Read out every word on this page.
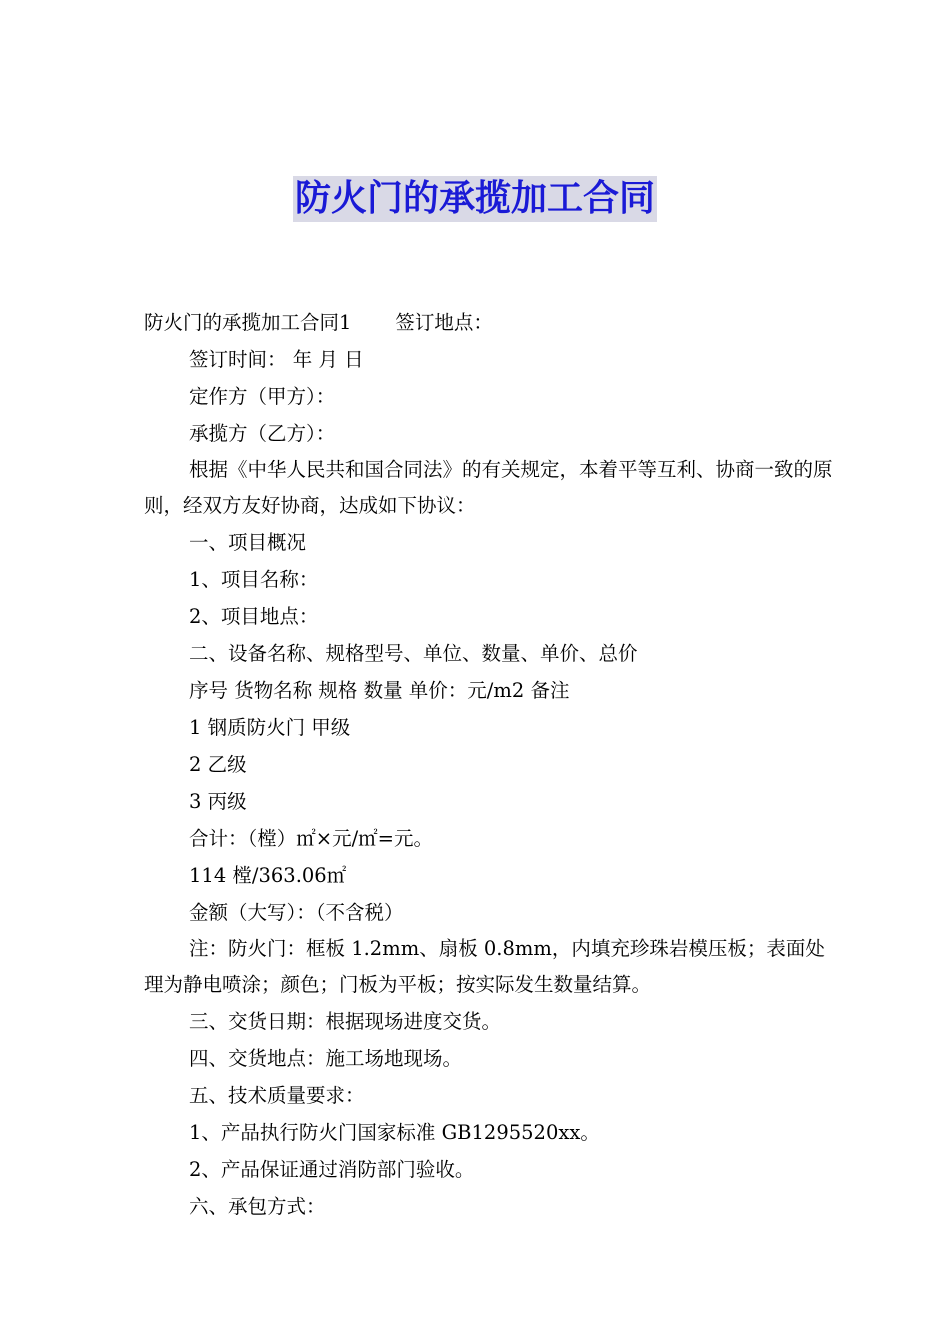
防火门的承揽加工合同

防火门的承揽加工合同1 签订地点：

签订时间： 年 月 日

定作方（甲方）：

承揽方（乙方）：

根据《中华人民共和国合同法》的有关规定，本着平等互利、协商一致的原则，经双方友好协商，达成如下协议：

一、项目概况

1、项目名称：

2、项目地点：

二、设备名称、规格型号、单位、数量、单价、总价

序号 货物名称 规格 数量 单价：元/m2 备注

1 钢质防火门 甲级

2 乙级

3 丙级

合计：（樘）㎡×元/㎡=元。

114 樘/363.06㎡

金额（大写）：（不含税）

注：防火门：框板 1.2mm、扇板 0.8mm，内填充珍珠岩模压板；表面处理为静电喷涂；颜色；门板为平板；按实际发生数量结算。

三、交货日期：根据现场进度交货。

四、交货地点：施工场地现场。

五、技术质量要求：

1、产品执行防火门国家标准 GB1295520xx。

2、产品保证通过消防部门验收。

六、承包方式：
